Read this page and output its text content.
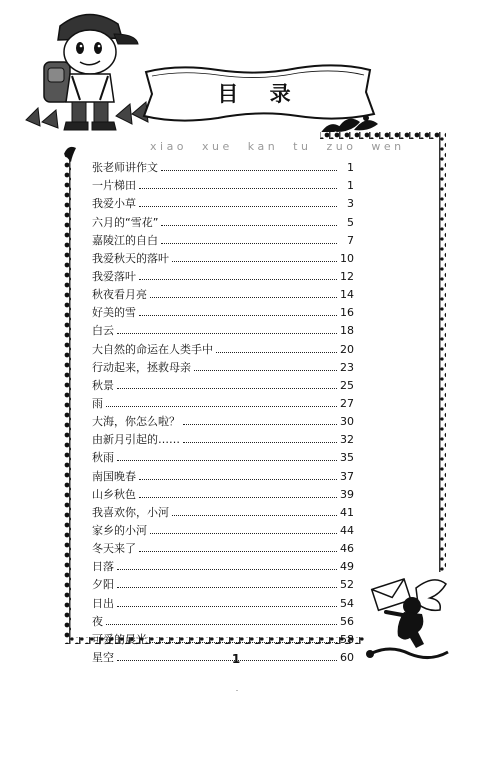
目 录
xiao xue kan tu zuo wen
张老师讲作文	1
一片梯田	1
我爱小草	3
六月的“雪花”	5
嘉陵江的自白	7
我爱秋天的落叶	10
我爱落叶	12
秋夜看月亮	14
好美的雪	16
白云	18
大自然的命运在人类手中	20
行动起来，拯救母亲	23
秋景	25
雨	27
大海，你怎么啦？	30
由新月引起的……	32
秋雨	35
南国晚春	37
山乡秋色	39
我喜欢你，小河	41
家乡的小河	44
冬天来了	46
日落	49
夕阳	52
日出	54
夜	56
可爱的晨光	58
星空	60
1
